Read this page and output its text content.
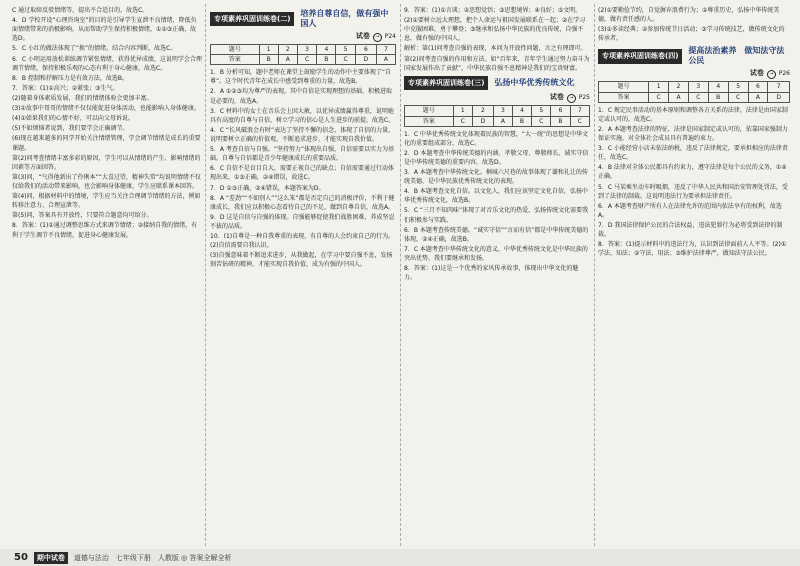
C 通过取缔反驳情绪等，提出不合适目的，故选C。

4．D 学校开设“心理咨询室”的目的是引导学生宣泄不良情绪，降低负面情绪带来的消极影响，从而帮助学生保持积极情绪，①②③正确，故选D。

5．C 小红的做法体现了“换”的情绪，结合内容判断，故选C。

6．C 小明运用放松训练调节紧张情绪，获得优异成绩，这说明学会合理调节情绪，保持积极乐观的心态有利于身心健康，故选C。

8．B 控制和抒解压力是有效方法，故选B。

7．答案：(1)①高兴；②紧张；③生气。

(2)随着身体素质发展，我们的情绪体验会更加丰富。

(3)①故事中哥哥的情绪不仅仅能促进身体活动，也能影响人身体健康。

(4)①如果我们的心情不好，可以向父母诉说。

(5)不如烦恼者说到，我们要学会正确调节。

(6)现在越来越多的同学开始关注情绪管理，学会调节情绪是成长的重要课题。

第(2)问考查情绪丰富多彩的原因，学生可以从情绪的产生、影响情绪的因素等方面回答。

第(3)问，“气得他新出了伶俐本”“大喜过望，精神失常”均说明情绪不仅仅给我们的活动带来影响，也会影响身体健康，学生应联系课本回答。

第(4)问，根据材料中的情境，学生应当关注合理调节情绪的方法，例如转移注意力、合理宣泄等。

第(5)问，答案具有开放性，只要符合题意均可给分。

8．答案：(1)①通过调整思维方式来调节情绪；②接纳自我的情绪，有利于学生调节不良情绪，促进身心健康发展。

专项素养巩固训练卷(二)
培养自尊自信，做有强中国人
试卷 → P24
题号	1	2	3	4	5	6	7
答案	B	A	C	B	C	D	A

1．B 分析可知，题中老师在课堂上鼓励学生的动作中主要体现了“自尊”。这个时代青年在成长中感受到尊重的力量，故选B。

2．A ①②③均为尊严的表现，其中自信是实现理想的基础，积极进取是必要的，故选A。

3．C 材料中的女士在音乐会上因大赦，以优异成绩赢得尊重，说明她具有高度的自尊与自信，树立学习的信心是人生进步的前提，故选C。

4．C “长风破浪会有时”表达了坚持不懈的信念，体现了自信的力量，说明要树立正确的价值观，不断追求进步，才能实现自我价值。

5．A 考查自信与自强。“坚持努力”体现出自强，自信需要以实力为基础。自尊与自信都是青少年健康成长的重要品质。

6．C 自信不是盲目自大，需要正视自己的缺点；自信需要通过行动体现出来，①③正确，②④错误，故选C。

7．D ①③正确，②④错误，本题答案为D。

8．A “差劲”“不如别人”“这么笨”都是否定自己的消极评价，不利于健康成长，我们应以积极心态看待自己的不足，做到自尊自信，故选A。

9．D 这是自信与自强的体现。自强能够促使我们战胜困难，养成坚忍不拔的品质。

10．(1)自尊是一种自我尊重的表现，有自尊的人会约束自己的行为。(2)自信需要自我认识。

(3)自强意味着不断追求进步，从我做起，在学习中要自强不息，发扬刻苦钻研的精神，才能实现自我价值，成为有强的中国人。

9．答案：(1)①言谈；②思想觉悟；③思想境界；④良好；⑤文明。

(2)①要树立远大理想，把个人命运与祖国发展联系在一起；②在学习中克服困难，勇于攀登；③继承和弘扬中华民族的优良传统，自强不息，做有强的中国人。

解析：第(1)问考查自强的表现，本问为开放性问题，言之有理即可。

第(2)问考查自强的作用和方法。如“百年来，青年学生通过努力奋斗为国家发展作出了贡献”，中华民族自强不息精神是我们的宝贵财富。

专项素养巩固训练卷(三)	弘扬中华优秀传统文化
试卷 → P25
题号	1	2	3	4	5	6	7
答案	C	D	A	B	C	B	C

1．C 中华优秀传统文化体现着民族的智慧，“大一统”的思想是中华文化的重要组成部分，故选C。

2．D 本题考查中华传统美德的内涵。孝敬父母、尊敬师长、诚实守信是中华传统美德的重要内容，故选D。

3．A 本题考查中华传统文化。桐城六尺巷的故事体现了谦和礼让的传统美德，是中华民族优秀传统文化的表现。

4．B 本题考查文化自信。以文化人，我们应该坚定文化自信，弘扬中华优秀传统文化，故选B。

5．C “三月不知肉味”体现了对音乐文化的热爱，弘扬传统文化需要我们积极参与实践。

6．B 本题考查传统美德。“诚实守信”“言而有信”都是中华传统美德的体现，②④正确，故选B。

7．C 本题考查中华传统文化的意义，中华优秀传统文化是中华民族的突出优势，我们要继承和发扬。

8．答案：(1)这是一个优秀的家风传承故事，体现出中华文化的魅力。

(2)①要勤俭节约，自觉摒弃浪费行为；②尊重历史，弘扬中华传统美德，做有责任感的人。

(3)①多读经典；②参加传统节日活动；③学习传统技艺，做传统文化的传承者。

专项素养巩固训练卷(四)
提高法治素养　做知法守法公民
试卷 → P26
题号	1	2	3	4	5	6	7
答案	C	A	C	B	C	A	D

1．C 规定民事活动的基本原则和调整各方关系的法律，法律是由国家制定或认可的，故选C。

2．A 本题考查法律的特征，法律是国家制定或认可的，依靠国家强制力保证实施，对全体社会成员具有普遍约束力。

3．C 小能经营小店未依法纳税，违反了法律规定，要承担相应的法律责任，故选C。

4．B 法律对全体公民都具有约束力，遵守法律是每个公民的义务，①④正确。

5．C 马某乘坐动车时吸烟，违反了中华人民共和国治安管理处罚法，受到了法律的制裁。这说明违法行为要承担法律责任。

6．A 本题考查财产所有人在法律允许的范围内依法享有的权利，故选A。

7．D 我国法律保护公民的合法权益，违法犯罪行为必将受到法律的制裁。

8．答案：(1)提示材料中的违法行为，认识到法律面前人人平等。(2)①学法、知法；②守法、用法；③维护法律尊严，做知法守法公民。

50	期中试卷	道德与法治　七年级下册　人教版 ◎ 答案全解全析
